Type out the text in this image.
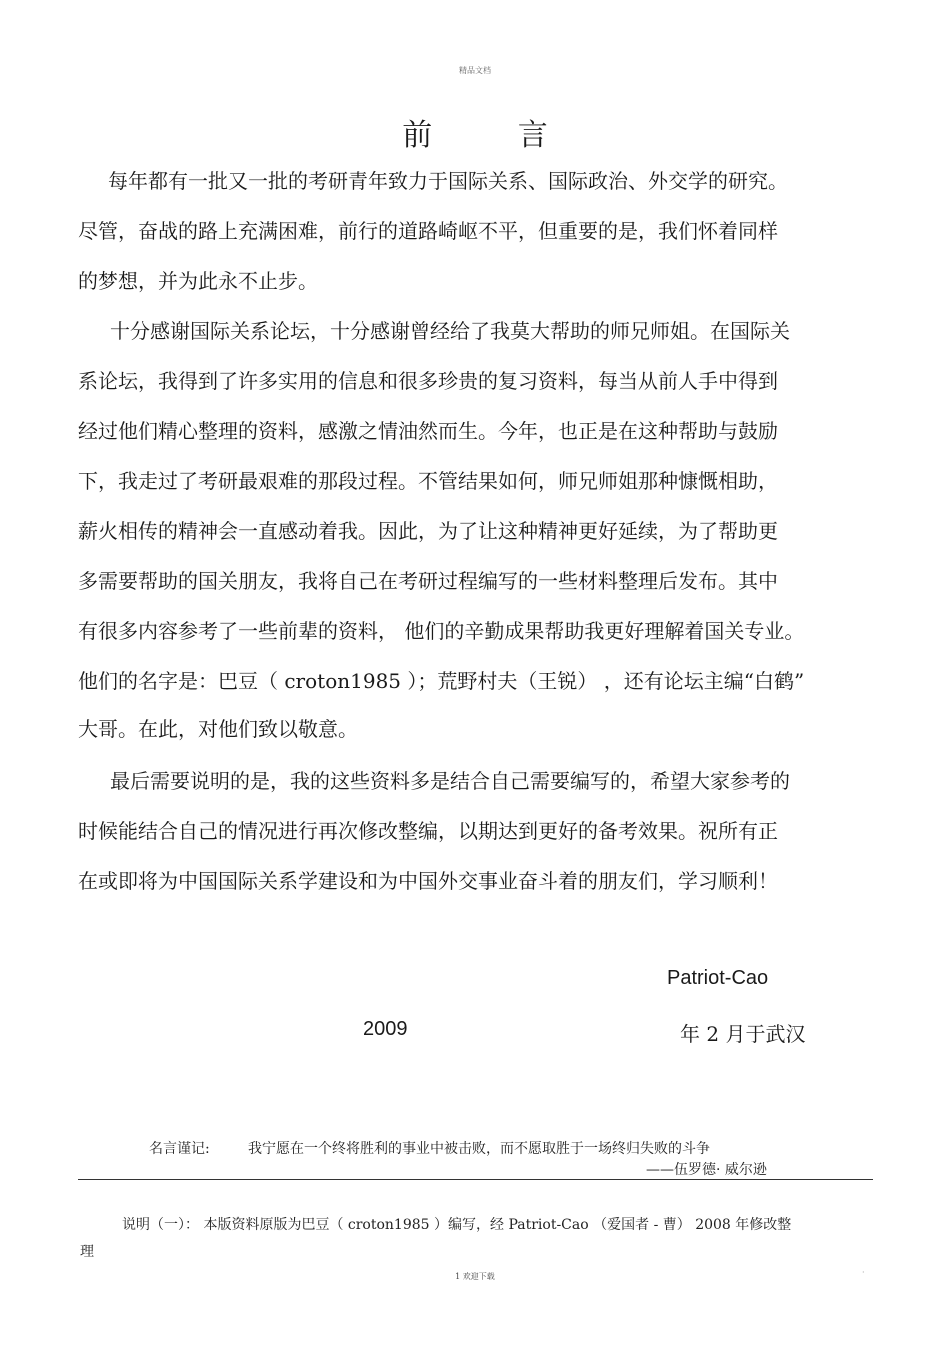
精品文档
前 言
每年都有一批又一批的考研青年致力于国际关系、国际政治、外交学的研究。
尽管，奋战的路上充满困难，前行的道路崎岖不平，但重要的是，我们怀着同样
的梦想，并为此永不止步。
十分感谢国际关系论坛，十分感谢曾经给了我莫大帮助的师兄师姐。在国际关
系论坛，我得到了许多实用的信息和很多珍贵的复习资料，每当从前人手中得到
经过他们精心整理的资料，感激之情油然而生。今年，也正是在这种帮助与鼓励
下，我走过了考研最艰难的那段过程。不管结果如何，师兄师姐那种慷慨相助，
薪火相传的精神会一直感动着我。因此，为了让这种精神更好延续，为了帮助更
多需要帮助的国关朋友，我将自己在考研过程编写的一些材料整理后发布。其中
有很多内容参考了一些前辈的资料， 他们的辛勤成果帮助我更好理解着国关专业。
他们的名字是：巴豆（ croton1985 ）；荒野村夫（王锐） ，还有论坛主编“白鹤”
大哥。在此，对他们致以敬意。
最后需要说明的是，我的这些资料多是结合自己需要编写的，希望大家参考的
时候能结合自己的情况进行再次修改整编，以期达到更好的备考效果。祝所有正
在或即将为中国国际关系学建设和为中国外交事业奋斗着的朋友们，学习顺利！
Patriot-Cao
2009	年 2 月于武汉
名言谨记:	我宁愿在一个终将胜利的事业中被击败，而不愿取胜于一场终归失败的斗争
——伍罗德· 威尔逊
说明（一）： 本版资料原版为巴豆（ croton1985 ）编写，经 Patriot-Cao （爱国者 - 曹） 2008 年修改整
理
1 欢迎下载	·
